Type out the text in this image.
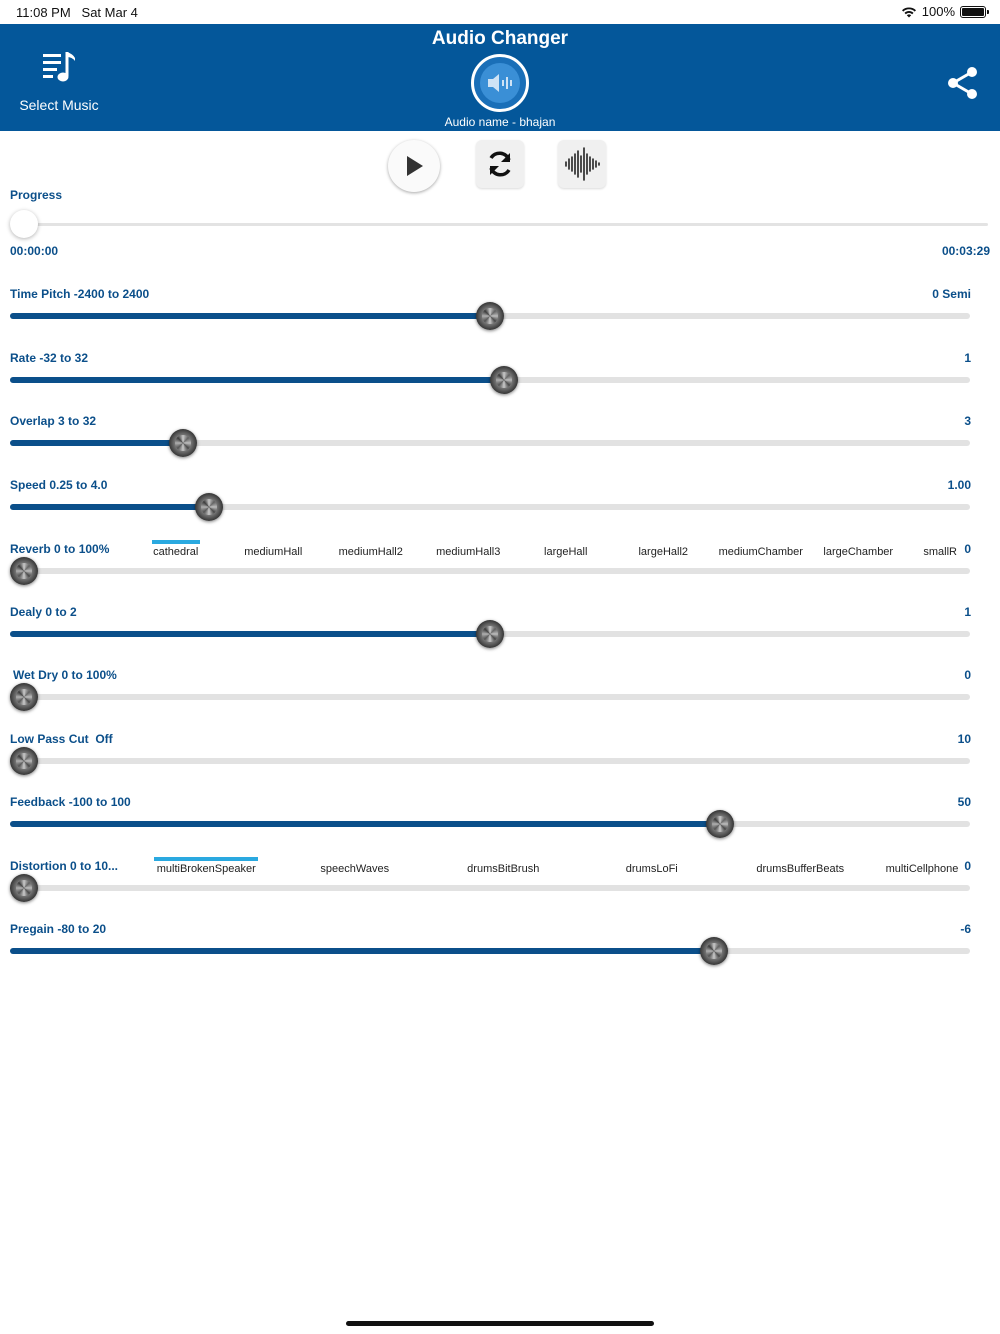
11:08 PM Sat Mar 4	100%
Audio Changer
Select Music
Audio name - bhajan
Progress
00:00:00	00:03:29
Time Pitch -2400 to 2400	0 Semi
Rate -32 to 32	1
Overlap 3 to 32	3
Speed 0.25 to 4.0	1.00
Reverb 0 to 100%	cathedral	mediumHall	mediumHall2	mediumHall3	largeHall	largeHall2	mediumChamber	largeChamber	smallR 0
Dealy 0 to 2	1
Wet Dry 0 to 100%	0
Low Pass Cut  Off	10
Feedback -100 to 100	50
Distortion 0 to 10...	multiBrokenSpeaker	speechWaves	drumsBitBrush	drumsLoFi	drumsBufferBeats	multiCellphone 0
Pregain -80 to 20	-6
